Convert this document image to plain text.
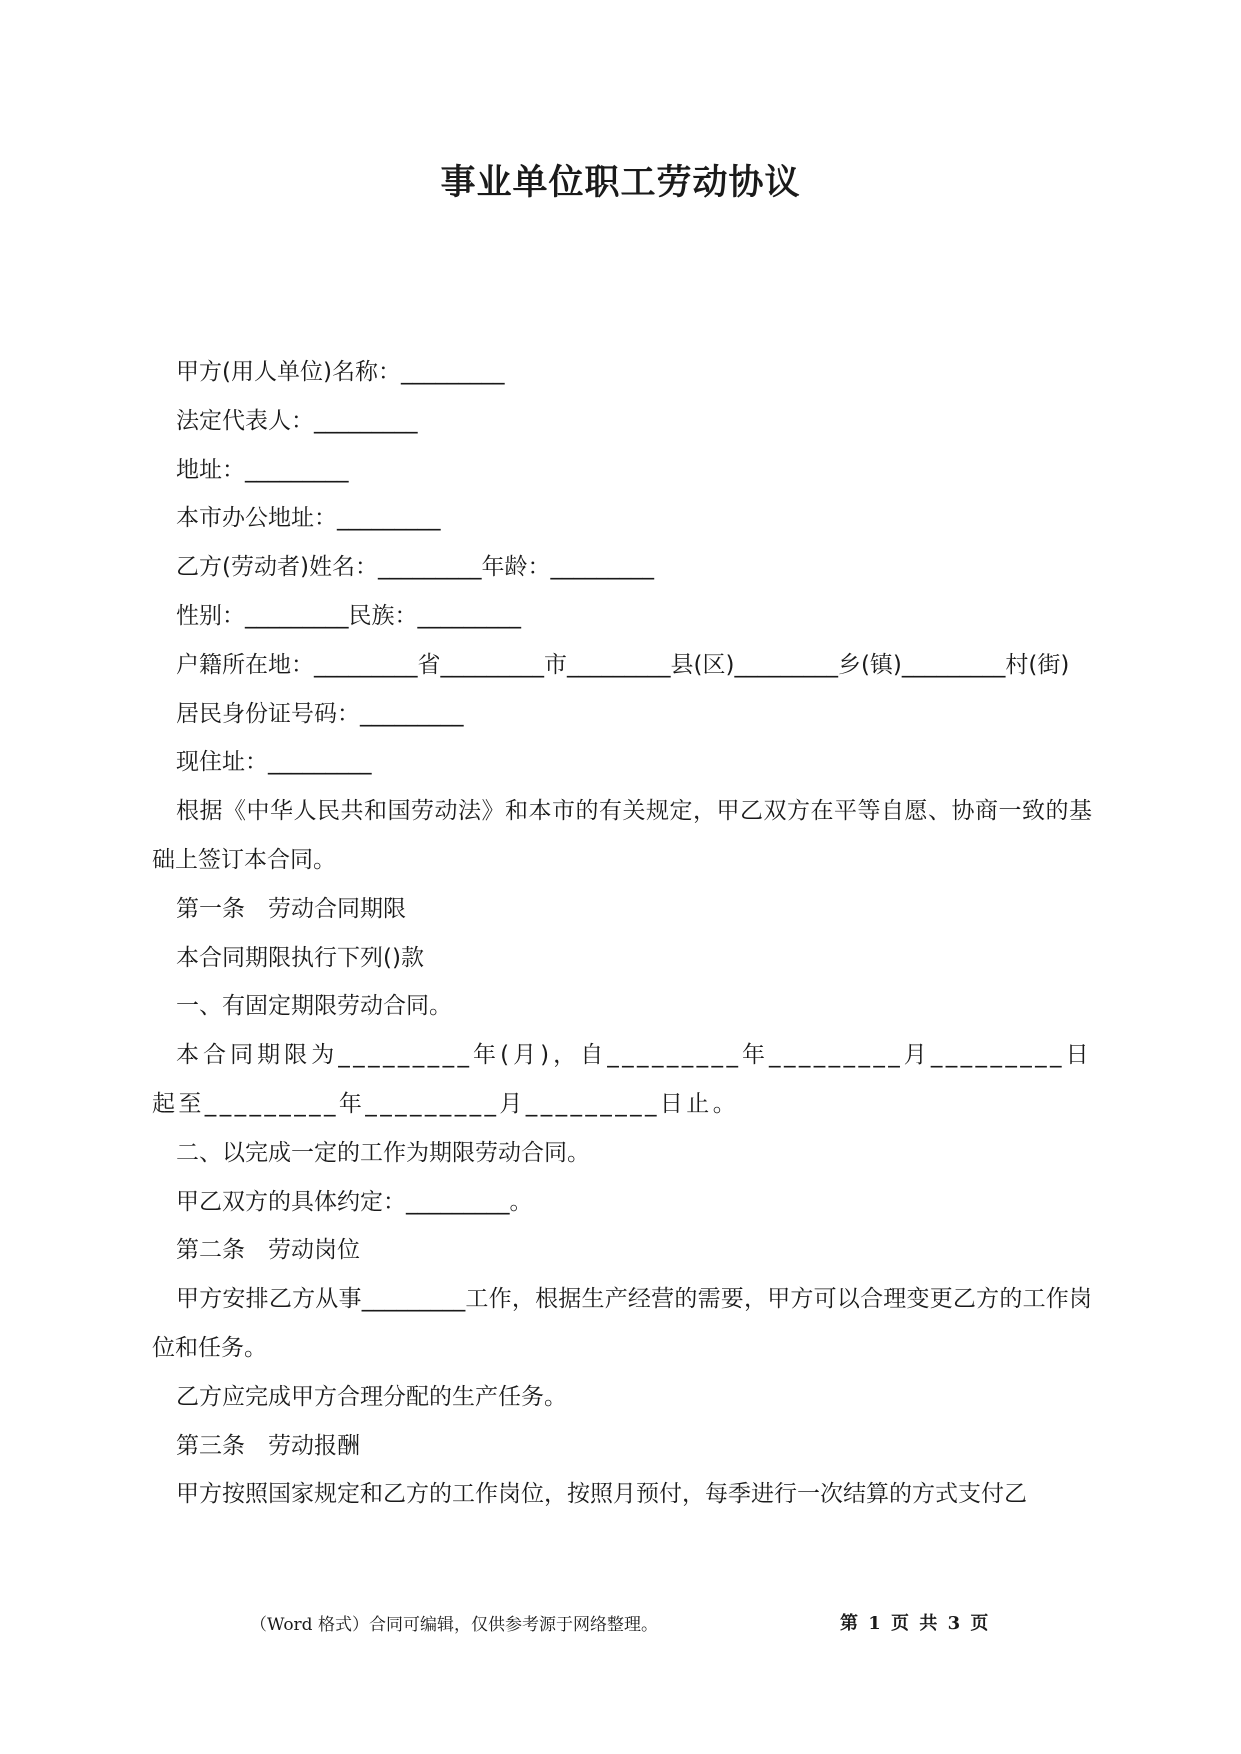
事业单位职工劳动协议

甲方(用人单位)名称：_________

法定代表人：_________

地址：_________

本市办公地址：_________

乙方(劳动者)姓名：_________年龄：_________

性别：_________民族：_________

户籍所在地：_________省_________市_________县(区)_________乡(镇)_________村(街)

居民身份证号码：_________

现住址：_________

根据《中华人民共和国劳动法》和本市的有关规定，甲乙双方在平等自愿、协商一致的基础上签订本合同。

第一条　劳动合同期限

本合同期限执行下列()款

一、有固定期限劳动合同。

本合同期限为_________年(月)，自_________年_________月_________日起至_________年_________月_________日止。

二、以完成一定的工作为期限劳动合同。

甲乙双方的具体约定：_________。

第二条　劳动岗位

甲方安排乙方从事_________工作，根据生产经营的需要，甲方可以合理变更乙方的工作岗位和任务。

乙方应完成甲方合理分配的生产任务。

第三条　劳动报酬

甲方按照国家规定和乙方的工作岗位，按照月预付，每季进行一次结算的方式支付乙

（Word 格式）合同可编辑，仅供参考源于网络整理。	第 1 页 共 3 页
